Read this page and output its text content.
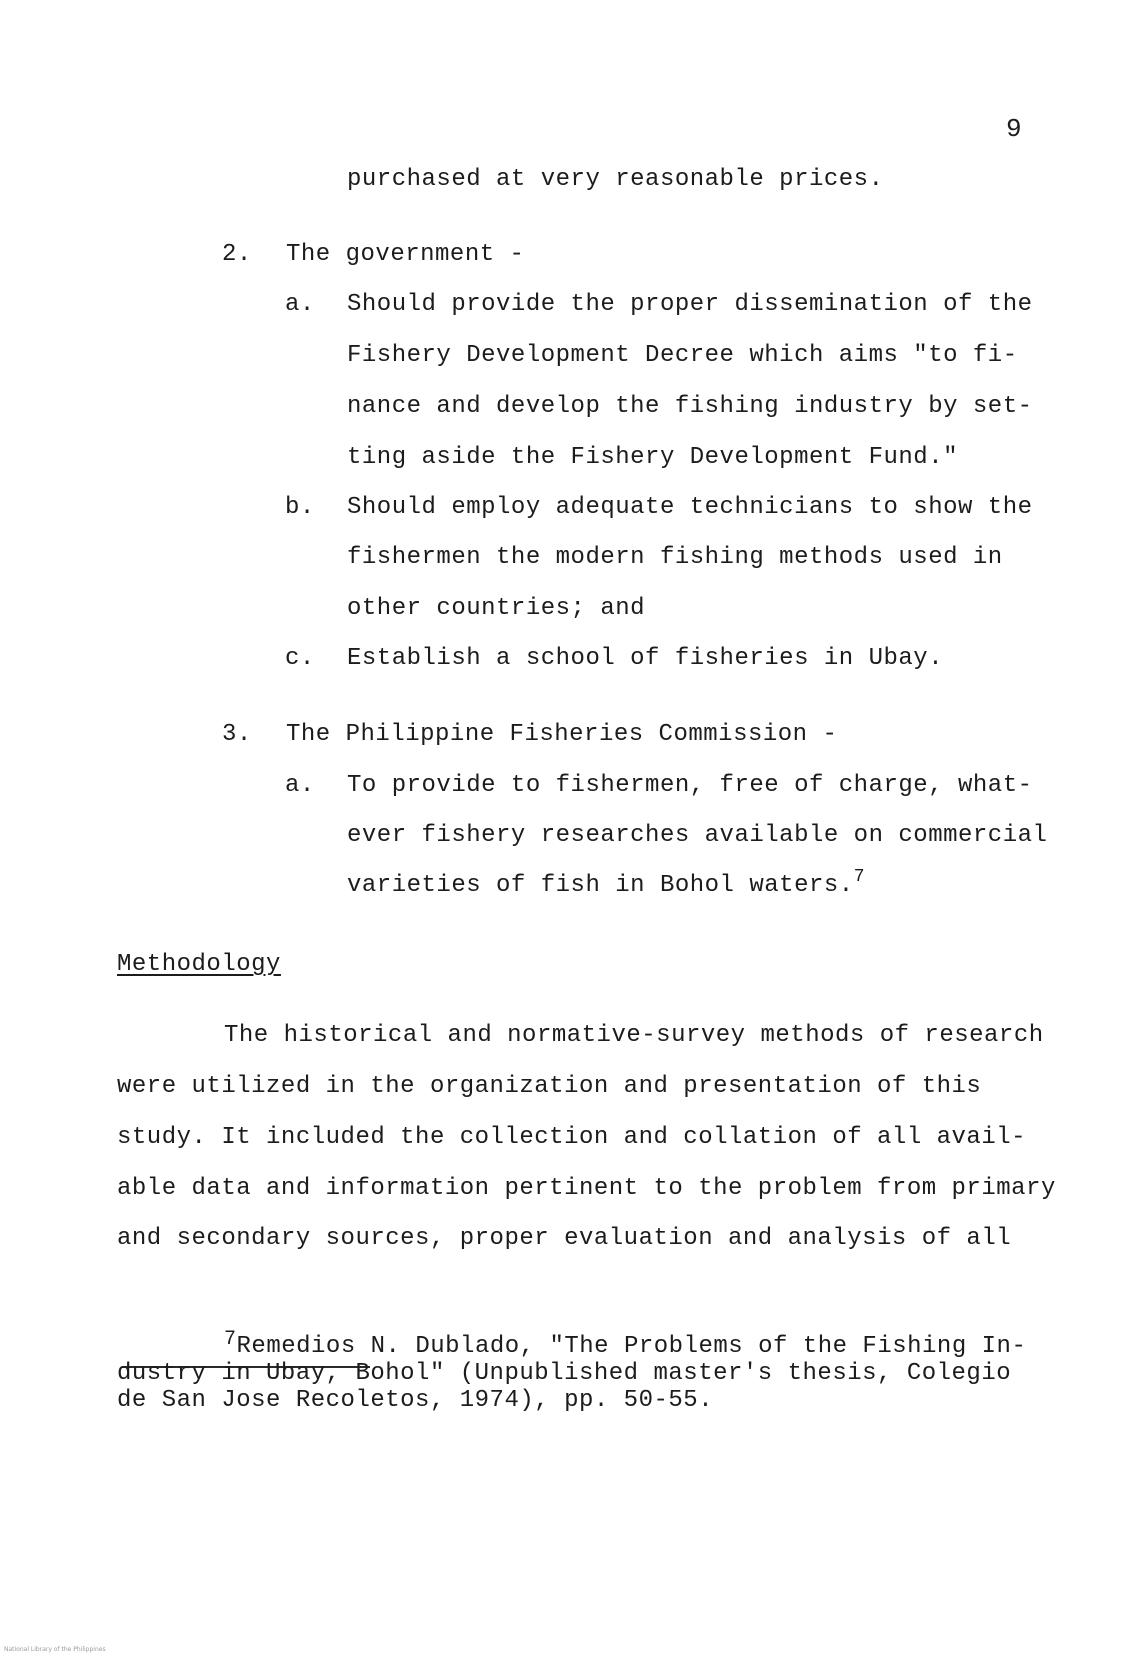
9
purchased at very reasonable prices.
2. The government -
a. Should provide the proper dissemination of the
Fishery Development Decree which aims "to fi-
nance and develop the fishing industry by set-
ting aside the Fishery Development Fund."
b. Should employ adequate technicians to show the
fishermen the modern fishing methods used in
other countries; and
c. Establish a school of fisheries in Ubay.
3. The Philippine Fisheries Commission -
a. To provide to fishermen, free of charge, what-
ever fishery researches available on commercial
varieties of fish in Bohol waters.$^7$
Methodology
The historical and normative-survey methods of research
were utilized in the organization and presentation of this
study. It included the collection and collation of all avail-
able data and information pertinent to the problem from primary
and secondary sources, proper evaluation and analysis of all
$^7$Remedios N. Dublado, "The Problems of the Fishing In-
dustry in Ubay, Bohol" (Unpublished master's thesis, Colegio
de San Jose Recoletos, 1974), pp. 50-55.
National Library of the Philippines
